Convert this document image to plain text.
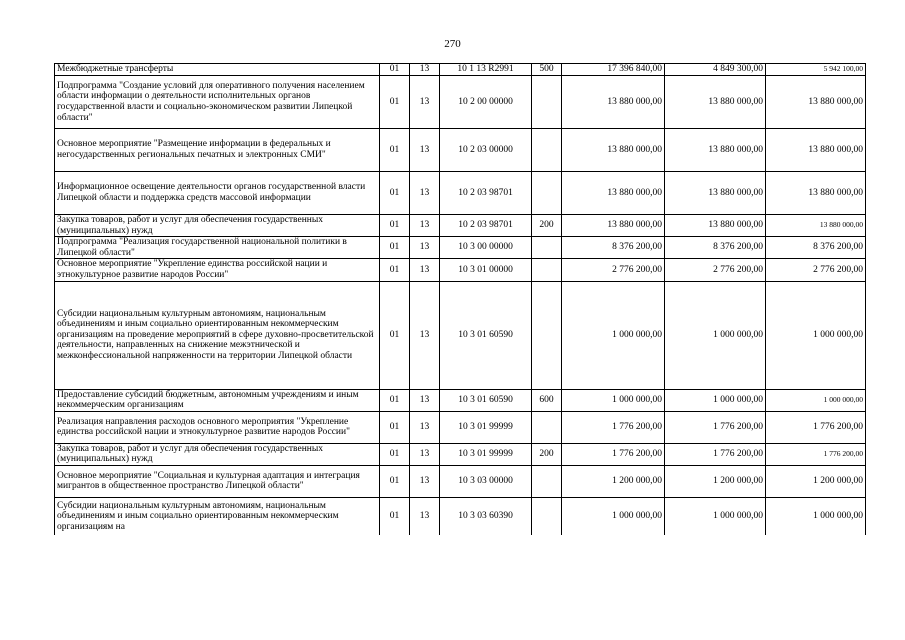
270
Межбюджетные трансферты	01	13	10 1 13 R2991	500	17 396 840,00	4 849 300,00	5 942 100,00
Подпрограмма "Создание условий для оперативного получения населением области информации о деятельности исполнительных органов государственной власти и социально-экономическом развитии Липецкой области"	01	13	10 2 00 00000		13 880 000,00	13 880 000,00	13 880 000,00
Основное мероприятие "Размещение информации в федеральных и негосударственных региональных печатных и электронных СМИ"	01	13	10 2 03 00000		13 880 000,00	13 880 000,00	13 880 000,00
Информационное освещение деятельности органов государственной власти Липецкой области и поддержка средств массовой информации	01	13	10 2 03 98701		13 880 000,00	13 880 000,00	13 880 000,00
Закупка товаров, работ и услуг для обеспечения государственных (муниципальных) нужд	01	13	10 2 03 98701	200	13 880 000,00	13 880 000,00	13 880 000,00
Подпрограмма "Реализация государственной национальной политики в Липецкой области"	01	13	10 3 00 00000		8 376 200,00	8 376 200,00	8 376 200,00
Основное мероприятие "Укрепление единства российской нации и этнокультурное развитие народов России"	01	13	10 3 01 00000		2 776 200,00	2 776 200,00	2 776 200,00
Субсидии национальным культурным автономиям, национальным объединениям и иным социально ориентированным некоммерческим организациям на проведение мероприятий в сфере духовно-просветительской деятельности, направленных на снижение межэтнической и межконфессиональной напряженности на территории Липецкой области	01	13	10 3 01 60590		1 000 000,00	1 000 000,00	1 000 000,00
Предоставление субсидий бюджетным, автономным учреждениям и иным некоммерческим организациям	01	13	10 3 01 60590	600	1 000 000,00	1 000 000,00	1 000 000,00
Реализация направления расходов основного мероприятия "Укрепление единства российской нации и этнокультурное развитие народов России"	01	13	10 3 01 99999		1 776 200,00	1 776 200,00	1 776 200,00
Закупка товаров, работ и услуг для обеспечения государственных (муниципальных) нужд	01	13	10 3 01 99999	200	1 776 200,00	1 776 200,00	1 776 200,00
Основное мероприятие "Социальная и культурная адаптация и интеграция мигрантов в общественное пространство Липецкой области"	01	13	10 3 03 00000		1 200 000,00	1 200 000,00	1 200 000,00
Субсидии национальным культурным автономиям, национальным объединениям и иным социально ориентированным некоммерческим организациям на	01	13	10 3 03 60390		1 000 000,00	1 000 000,00	1 000 000,00
